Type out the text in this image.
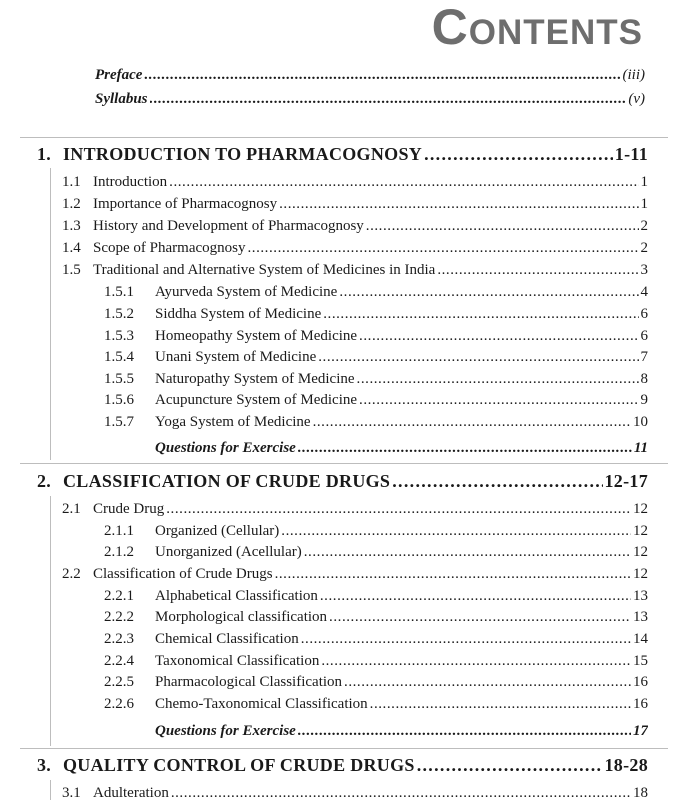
Contents
Preface . . .	(iii)
Syllabus . . .	(v)
1. INTRODUCTION TO PHARMACOGNOSY . . .	1-11
1.1 Introduction . . .	1
1.2 Importance of Pharmacognosy . . .	1
1.3 History and Development of Pharmacognosy . . .	2
1.4 Scope of Pharmacognosy . . .	2
1.5 Traditional and Alternative System of Medicines in India . . .	3
1.5.1 Ayurveda System of Medicine . . .	4
1.5.2 Siddha System of Medicine . . .	6
1.5.3 Homeopathy System of Medicine . . .	6
1.5.4 Unani System of Medicine . . .	7
1.5.5 Naturopathy System of Medicine . . .	8
1.5.6 Acupuncture System of Medicine . . .	9
1.5.7 Yoga System of Medicine . . .	10
Questions for Exercise . . .	11
2. CLASSIFICATION OF CRUDE DRUGS . . .	12-17
2.1 Crude Drug . . .	12
2.1.1 Organized (Cellular) . . .	12
2.1.2 Unorganized (Acellular) . . .	12
2.2 Classification of Crude Drugs . . .	12
2.2.1 Alphabetical Classification . . .	13
2.2.2 Morphological classification . . .	13
2.2.3 Chemical Classification . . .	14
2.2.4 Taxonomical Classification . . .	15
2.2.5 Pharmacological Classification . . .	16
2.2.6 Chemo-Taxonomical Classification . . .	16
Questions for Exercise . . .	17
3. QUALITY CONTROL OF CRUDE DRUGS . . .	18-28
3.1 Adulteration . . .	18
